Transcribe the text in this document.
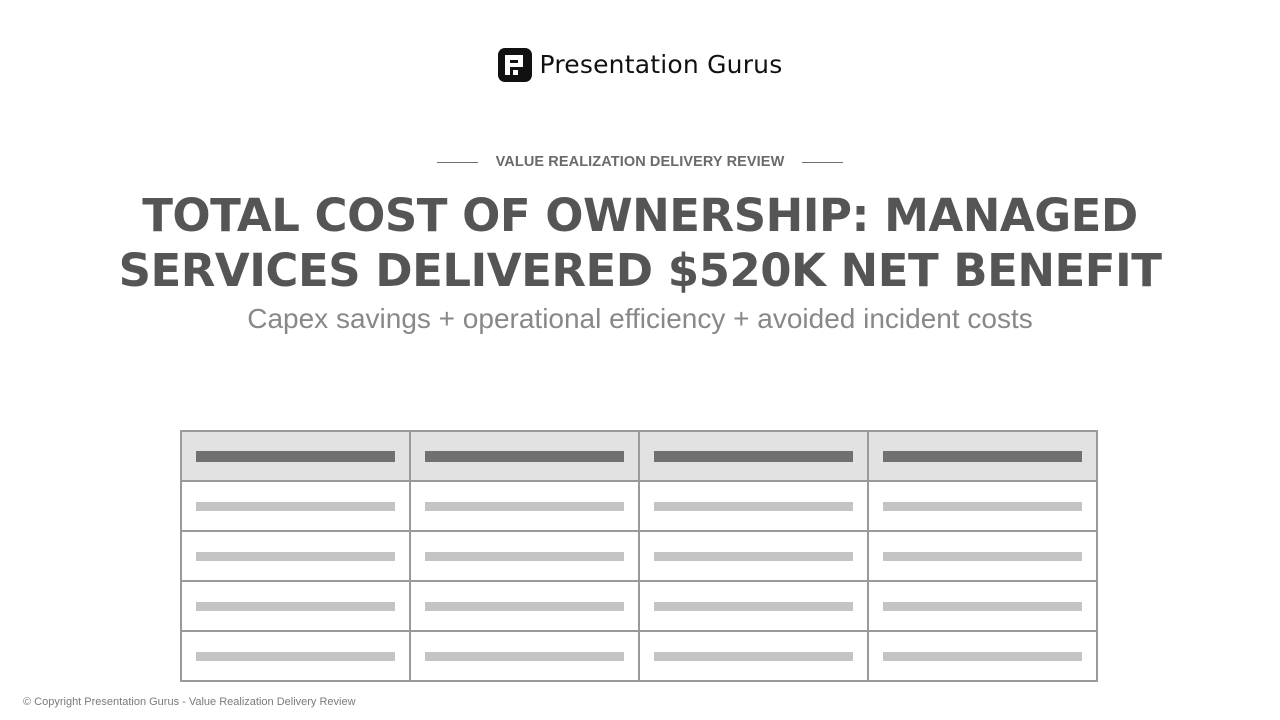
Presentation Gurus
VALUE REALIZATION DELIVERY REVIEW
TOTAL COST OF OWNERSHIP: MANAGED
SERVICES DELIVERED $520K NET BENEFIT

Capex savings + operational efficiency + avoided incident costs

© Copyright Presentation Gurus - Value Realization Delivery Review
